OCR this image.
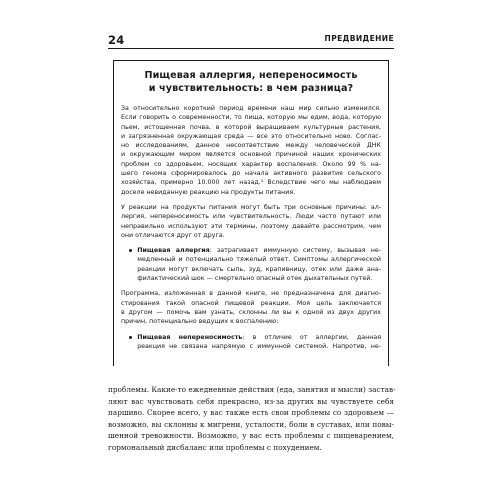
24	ПРЕДВИДЕНИЕ
Пищевая аллергия, непереносимость
и чувствительность: в чем разница?
За относительно короткий период времени наш мир сильно изменился.
Если говорить о современности, то пища, которую мы едим, вода, которую
пьем, истощенная почва, в которой выращиваем культурные растения,
и загрязненная окружающая среда — все это относительно ново. Соглас-
но исследованиям, данное несоответствие между человеческой ДНК
и окружающим миром является основной причиной наших хронических
проблем со здоровьем, носящих характер воспаления. Около 99 % на-
шего генома сформировалось до начала активного развития сельского
хозяйства, примерно 10.000 лет назад.¹ Вследствие чего мы наблюдаем
доселе невиданную реакцию на продукты питания.
У реакции на продукты питания могут быть три основные причины: ал-
лергия, непереносимость или чувствительность. Люди часто путают или
неправильно используют эти термины, поэтому давайте рассмотрим, чем
они отличаются друг от друга.
Пищевая аллергия: затрагивает иммунную систему, вызывая не-
медленный и потенциально тяжелый ответ. Симптомы аллергической
реакции могут включать сыпь, зуд, крапивницу, отек или даже ана-
филактический шок — смертельно опасный отек дыхательных путей.
Программа, изложенная в данной книге, не предназначена для диагно-
стирования такой опасной пищевой реакции. Моя цель заключается
в другом — помочь вам узнать, склонны ли вы к одной из двух других
причин, потенциально ведущих к воспалению:
Пищевая непереносимость: в отличие от аллергии, данная
реакция не связана напрямую с иммунной системой. Напротив, не-
проблемы. Какие-то ежедневные действия (еда, занятия и мысли) застав-
ляют вас чувствовать себя прекрасно, из-за других вы чувствуете себя
паршиво. Скорее всего, у вас также есть свои проблемы со здоровьем —
возможно, вы склонны к мигрени, усталости, боли в суставах, или повы-
шенной тревожности. Возможно, у вас есть проблемы с пищеварением,
гормональный дисбаланс или проблемы с похудением.
